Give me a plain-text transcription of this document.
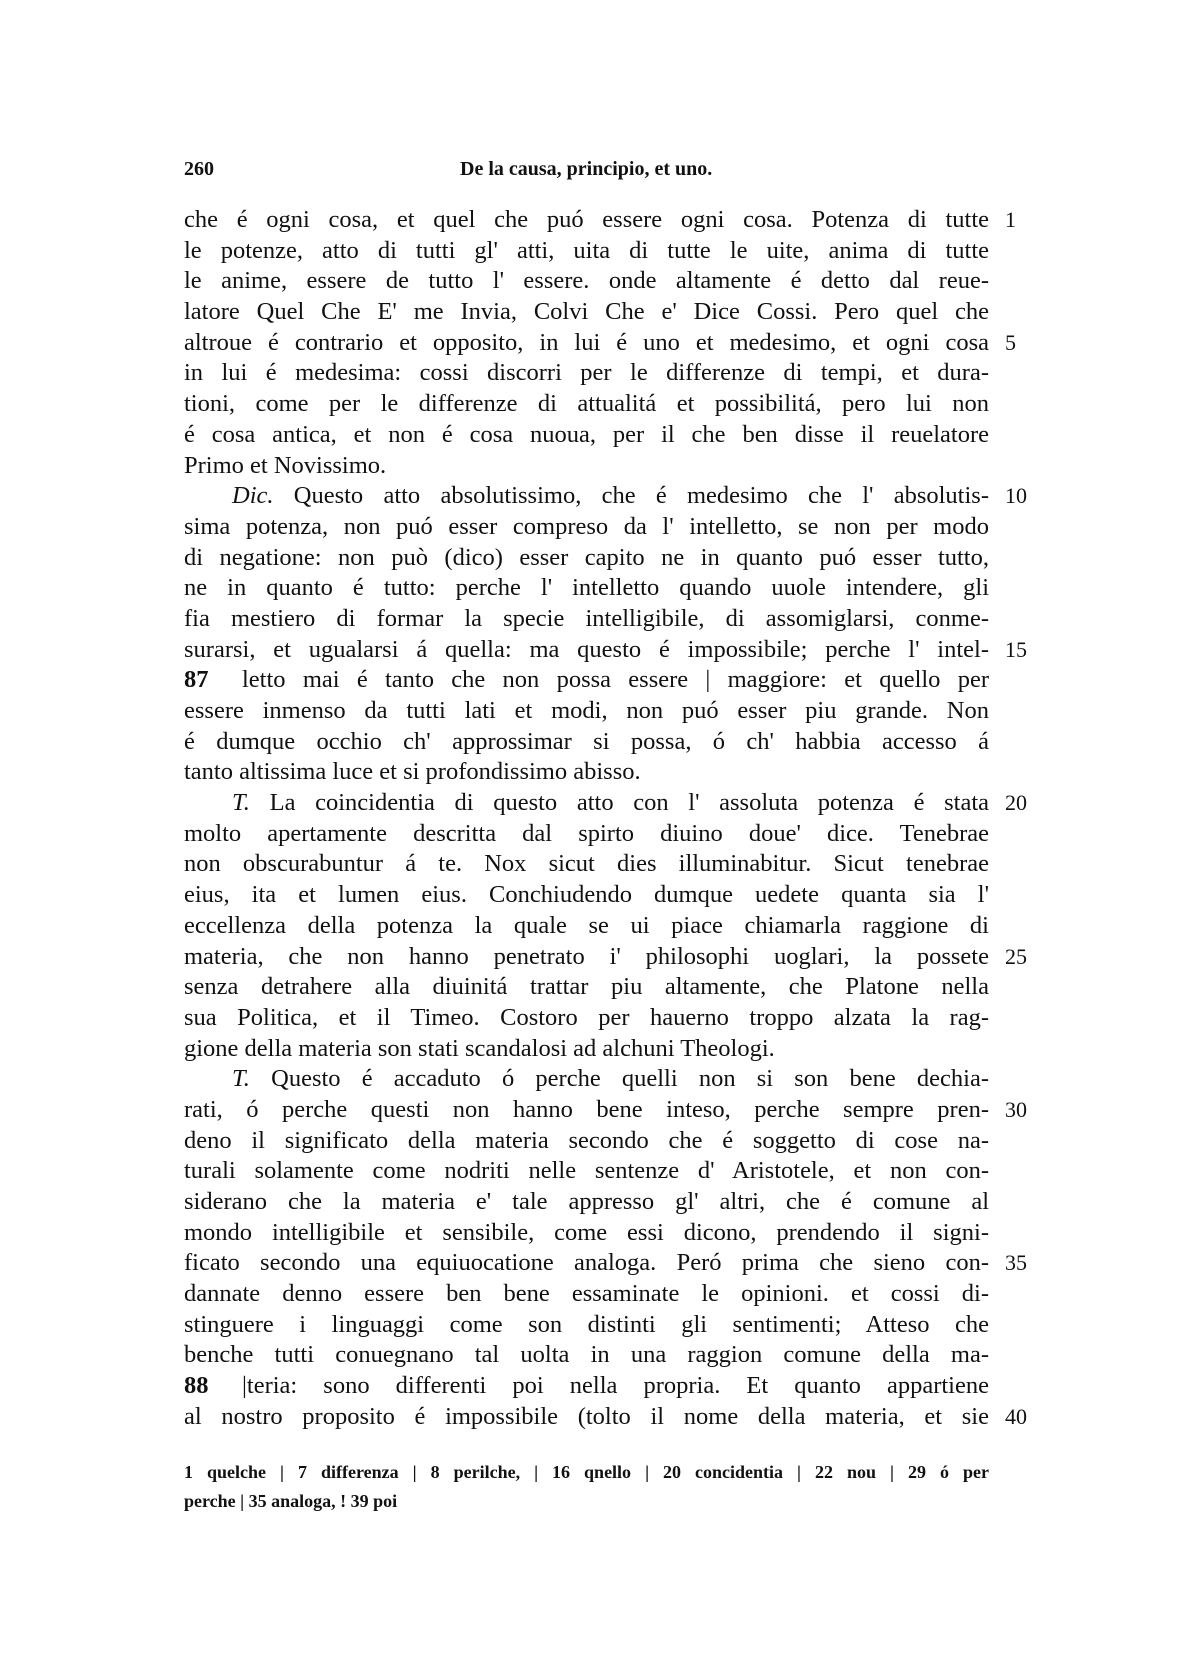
260	De la causa, principio, et uno.
che é ogni cosa, et quel che puó essere ogni cosa. Potenza di tutte 1
le potenze, atto di tutti gl' atti, uita di tutte le uite, anima di tutte
le anime, essere de tutto l' essere. onde altamente é detto dal reue-
latore Quel Che E' me Invia, Colvi Che e' Dice Cossi. Pero quel che
altroue é contrario et opposito, in lui é uno et medesimo, et ogni cosa 5
in lui é medesima: cossi discorri per le differenze di tempi, et dura-
tioni, come per le differenze di attualitá et possibilitá, pero lui non
é cosa antica, et non é cosa nuoua, per il che ben disse il reuelatore
Primo et Novissimo.
Dic. Questo atto absolutissimo, che é medesimo che l' absolutis- 10
sima potenza, non puó esser compreso da l' intelletto, se non per modo
di negatione: non può (dico) esser capito ne in quanto puó esser tutto,
ne in quanto é tutto: perche l' intelletto quando uuole intendere, gli
fia mestiero di formar la specie intelligibile, di assomiglarsi, conme-
surarsi, et ugualarsi á quella: ma questo é impossibile; perche l' intel- 15
87 letto mai é tanto che non possa essere | maggiore: et quello per
essere inmenso da tutti lati et modi, non puó esser piu grande. Non
é dumque occhio ch' approssimar si possa, ó ch' habbia accesso á
tanto altissima luce et si profondissimo abisso.
T. La coincidentia di questo atto con l' assoluta potenza é stata 20
molto apertamente descritta dal spirto diuino doue' dice. Tenebrae
non obscurabuntur á te. Nox sicut dies illuminabitur. Sicut tenebrae
eius, ita et lumen eius. Conchiudendo dumque uedete quanta sia l'
eccellenza della potenza la quale se ui piace chiamarla raggione di
materia, che non hanno penetrato i' philosophi uoglari, la possete 25
senza detrahere alla diuinitá trattar piu altamente, che Platone nella
sua Politica, et il Timeo. Costoro per hauerno troppo alzata la rag-
gione della materia son stati scandalosi ad alchuni Theologi.
T. Questo é accaduto ó perche quelli non si son bene dechia-
rati, ó perche questi non hanno bene inteso, perche sempre pren- 30
deno il significato della materia secondo che é soggetto di cose na-
turali solamente come nodriti nelle sentenze d' Aristotele, et non con-
siderano che la materia e' tale appresso gl' altri, che é comune al
mondo intelligibile et sensibile, come essi dicono, prendendo il signi-
ficato secondo una equiuocatione analoga. Peró prima che sieno con- 35
dannate denno essere ben bene essaminate le opinioni. et cossi di-
stinguere i linguaggi come son distinti gli sentimenti; Atteso che
benche tutti conuegnano tal uolta in una raggion comune della ma-
88 |teria: sono differenti poi nella propria. Et quanto appartiene
al nostro proposito é impossibile (tolto il nome della materia, et sie 40
1 quelche | 7 differenza | 8 perilche, | 16 qnello | 20 concidentia | 22 nou | 29 ó per
perche | 35 analoga, ! 39 poi
